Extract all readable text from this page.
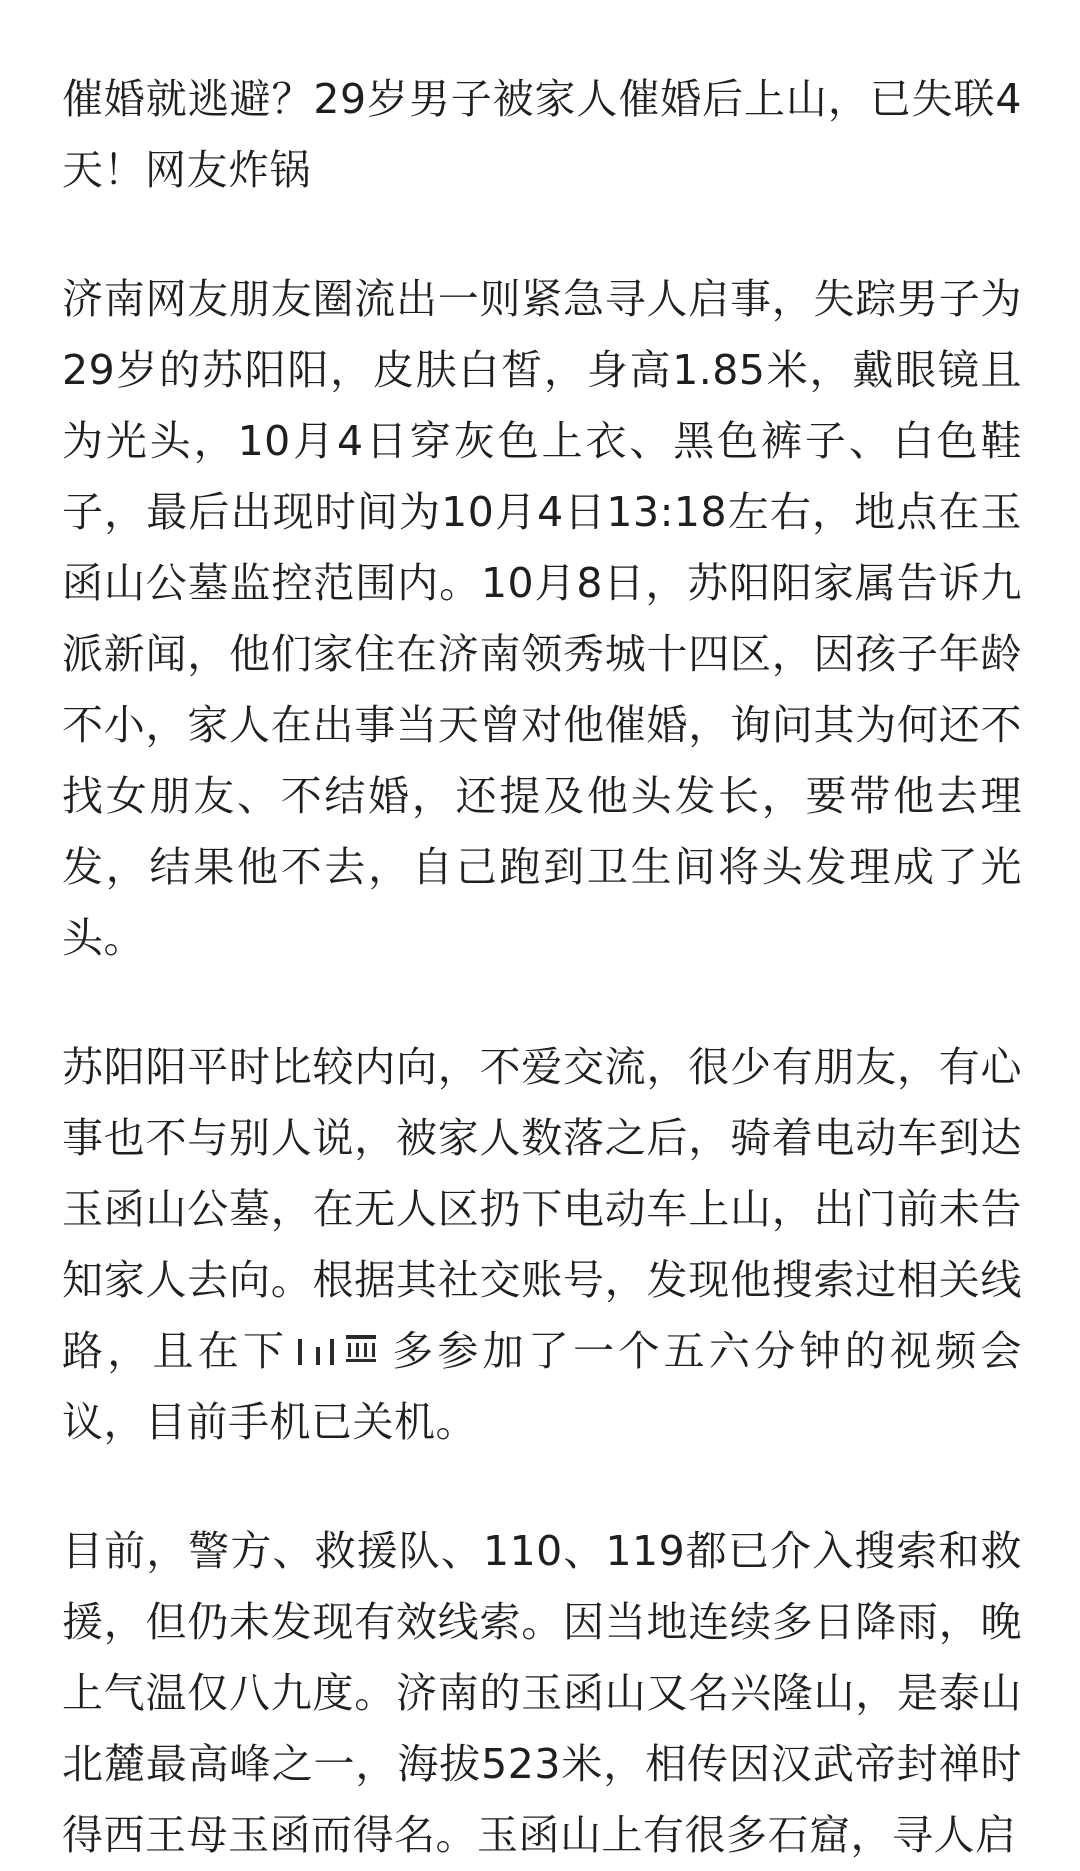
催婚就逃避？29岁男子被家人催婚后上山，已失联4天！网友炸锅

济南网友朋友圈流出一则紧急寻人启事，失踪男子为29岁的苏阳阳，皮肤白皙，身高1.85米，戴眼镜且为光头，10月4日穿灰色上衣、黑色裤子、白色鞋子，最后出现时间为10月4日13:18左右，地点在玉函山公墓监控范围内。10月8日，苏阳阳家属告诉九派新闻，他们家住在济南领秀城十四区，因孩子年龄不小，家人在出事当天曾对他催婚，询问其为何还不找女朋友、不结婚，还提及他头发长，要带他去理发，结果他不去，自己跑到卫生间将头发理成了光头。

苏阳阳平时比较内向，不爱交流，很少有朋友，有心事也不与别人说，被家人数落之后，骑着电动车到达玉函山公墓，在无人区扔下电动车上山，出门前未告知家人去向。根据其社交账号，发现他搜索过相关线路，且在下 多参加了一个五六分钟的视频会议，目前手机已关机。

目前，警方、救援队、110、119都已介入搜索和救援，但仍未发现有效线索。因当地连续多日降雨，晚上气温仅八九度。济南的玉函山又名兴隆山，是泰山北麓最高峰之一，海拔523米，相传因汉武帝封禅时得西王母玉函而得名。玉函山上有很多石窟，寻人启
